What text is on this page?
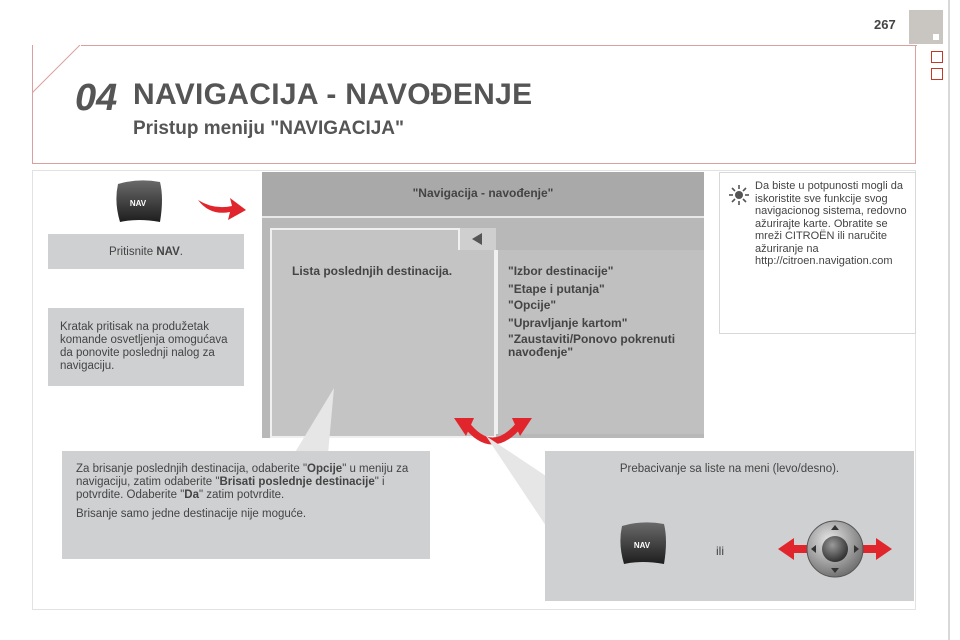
267
04 NAVIGACIJA - NAVOĐENJE
Pristup meniju "NAVIGACIJA"
NAV
Pritisnite NAV.
Kratak pritisak na produžetak komande osvetljenja omogućava da ponovite poslednji nalog za navigaciju.
"Navigacija - navođenje"
Lista poslednjih destinacija.	"Izbor destinacije"
"Etape i putanja"
"Opcije"
"Upravljanje kartom"
"Zaustaviti/Ponovo pokrenuti
navođenje"
Da biste u potpunosti mogli da iskoristite sve funkcije svog navigacionog sistema, redovno ažurirajte karte. Obratite se mreži CITROËN ili naručite ažuriranje na http://citroen.navigation.com

Za brisanje poslednjih destinacija, odaberite "Opcije" u meniju za navigaciju, zatim odaberite "Brisati poslednje destinacije" i potvrdite. Odaberite "Da" zatim potvrdite.

Brisanje samo jedne destinacije nije moguće.

Prebacivanje sa liste na meni (levo/desno).
NAV	ili
